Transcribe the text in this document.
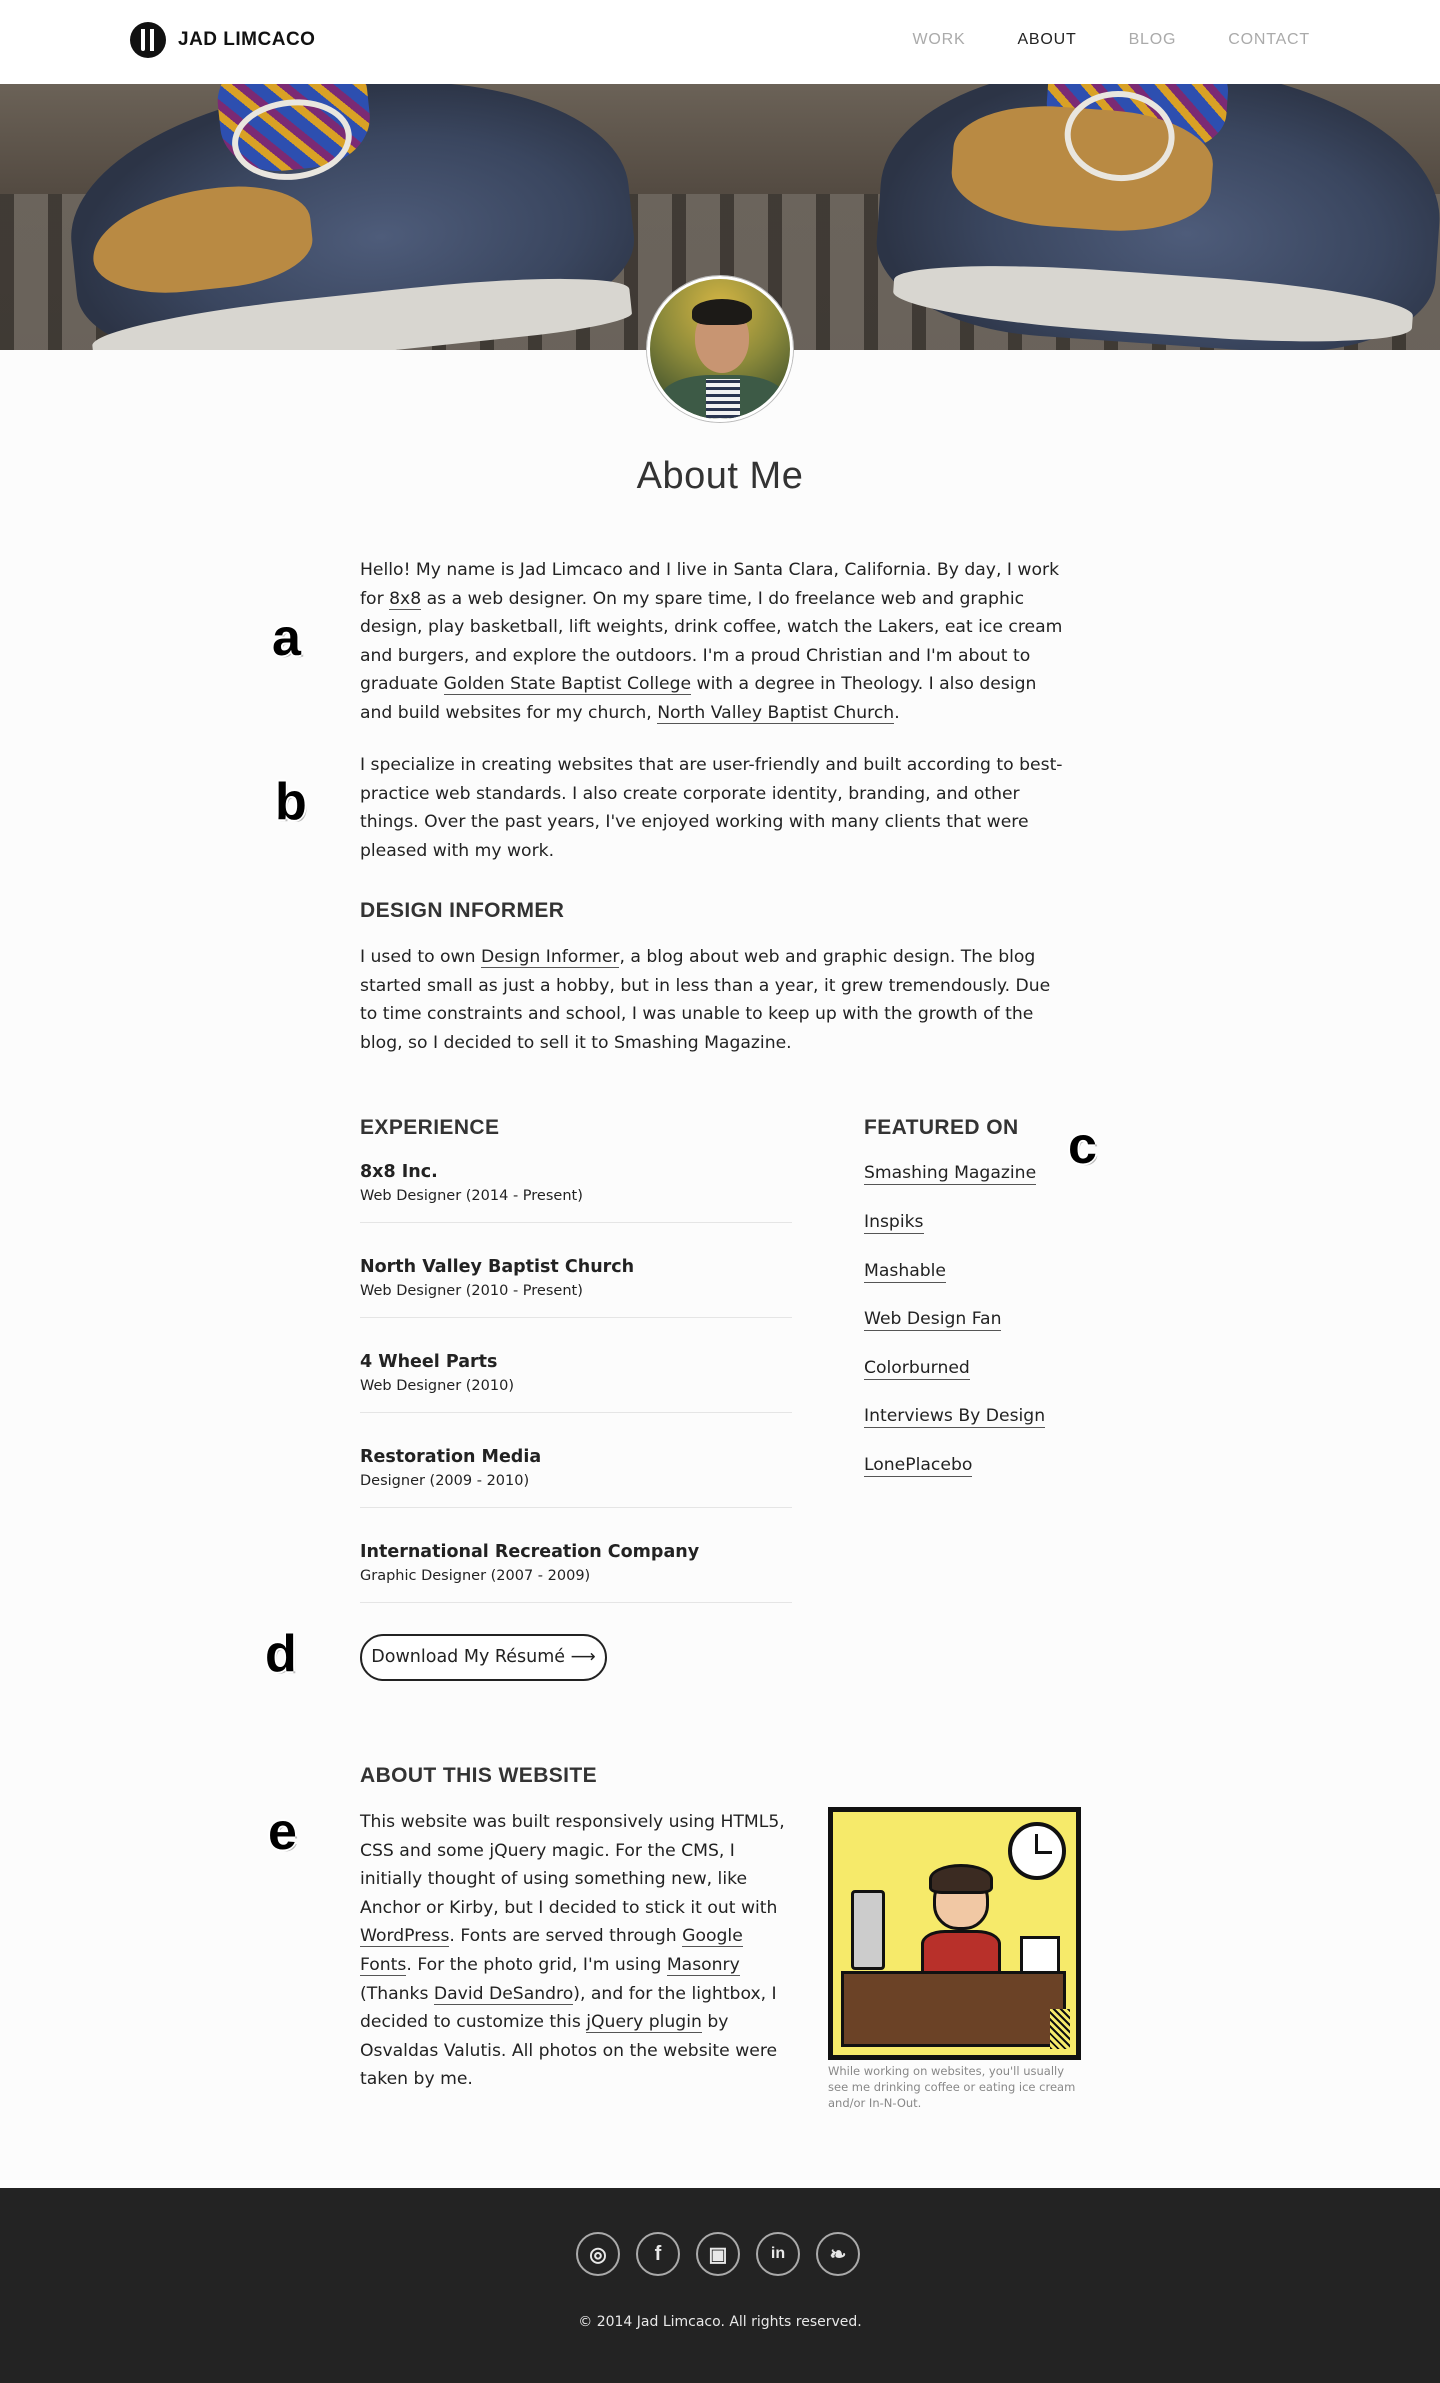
JAD LIMCACO	WORK	ABOUT	BLOG	CONTACT
About Me
Hello! My name is Jad Limcaco and I live in Santa Clara, California. By day, I work for 8x8 as a web designer. On my spare time, I do freelance web and graphic design, play basketball, lift weights, drink coffee, watch the Lakers, eat ice cream and burgers, and explore the outdoors. I'm a proud Christian and I'm about to graduate Golden State Baptist College with a degree in Theology. I also design and build websites for my church, North Valley Baptist Church.
I specialize in creating websites that are user-friendly and built according to best-practice web standards. I also create corporate identity, branding, and other things. Over the past years, I've enjoyed working with many clients that were pleased with my work.
DESIGN INFORMER
I used to own Design Informer, a blog about web and graphic design. The blog started small as just a hobby, but in less than a year, it grew tremendously. Due to time constraints and school, I was unable to keep up with the growth of the blog, so I decided to sell it to Smashing Magazine.
EXPERIENCE
8x8 Inc.
Web Designer (2014 - Present)
North Valley Baptist Church
Web Designer (2010 - Present)
4 Wheel Parts
Web Designer (2010)
Restoration Media
Designer (2009 - 2010)
International Recreation Company
Graphic Designer (2007 - 2009)
FEATURED ON
Smashing Magazine
Inspiks
Mashable
Web Design Fan
Colorburned
Interviews By Design
LonePlacebo
Download My Résumé ⟶
ABOUT THIS WEBSITE
This website was built responsively using HTML5, CSS and some jQuery magic. For the CMS, I initially thought of using something new, like Anchor or Kirby, but I decided to stick it out with WordPress. Fonts are served through Google Fonts. For the photo grid, I'm using Masonry (Thanks David DeSandro), and for the lightbox, I decided to customize this jQuery plugin by Osvaldas Valutis. All photos on the website were taken by me.	While working on websites, you'll usually see me drinking coffee or eating ice cream and/or In-N-Out.
a
b
c
d
e
◎	f	▣	in	❧
© 2014 Jad Limcaco. All rights reserved.
